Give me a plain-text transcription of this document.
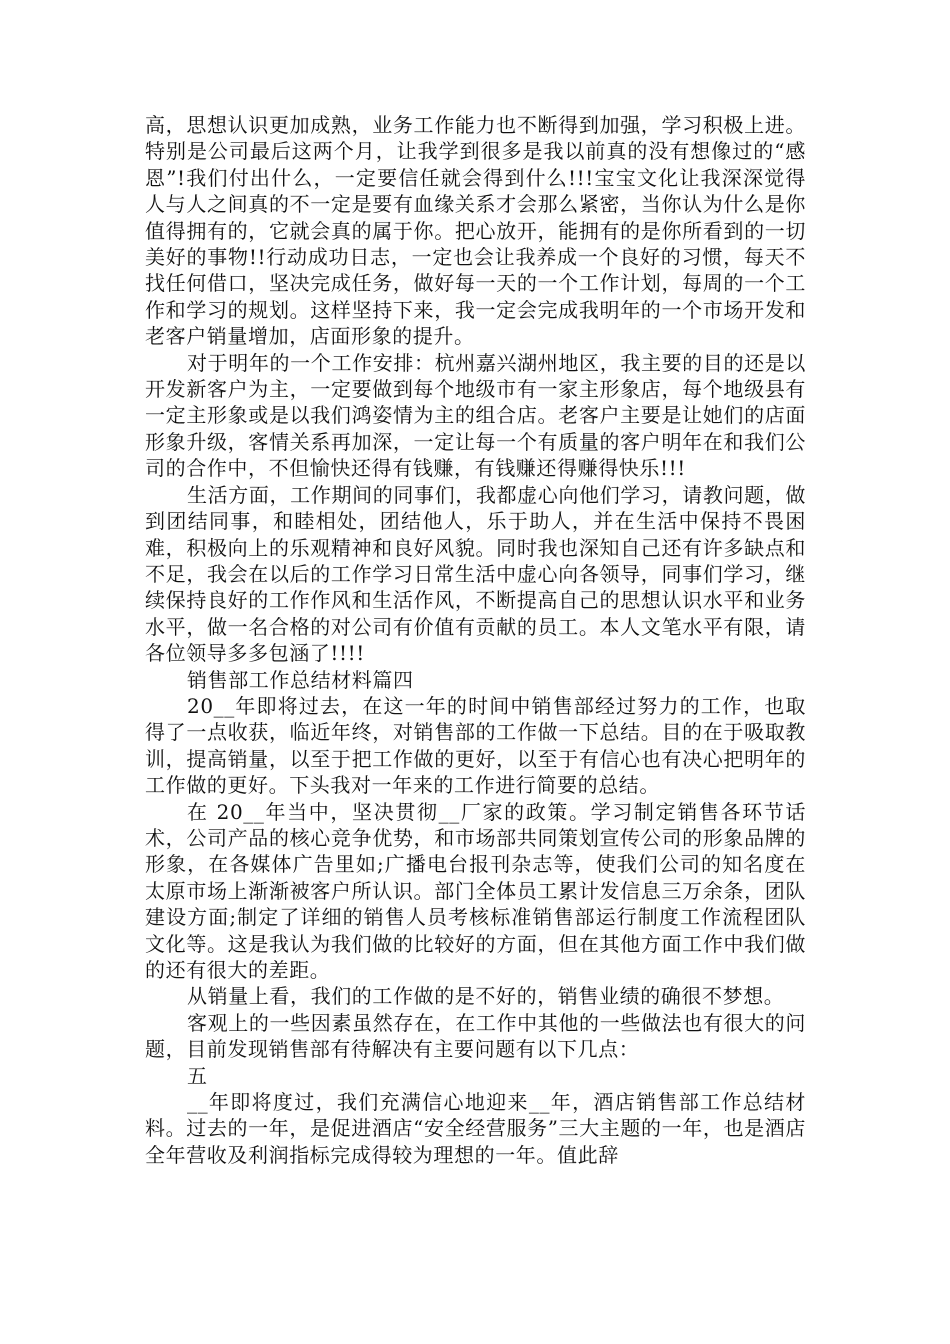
高，思想认识更加成熟，业务工作能力也不断得到加强，学习积极上进。特别是公司最后这两个月，让我学到很多是我以前真的没有想像过的“感恩”!我们付出什么，一定要信任就会得到什么!!!宝宝文化让我深深觉得人与人之间真的不一定是要有血缘关系才会那么紧密，当你认为什么是你值得拥有的，它就会真的属于你。把心放开，能拥有的是你所看到的一切美好的事物!!行动成功日志，一定也会让我养成一个良好的习惯，每天不找任何借口，坚决完成任务，做好每一天的一个工作计划，每周的一个工作和学习的规划。这样坚持下来，我一定会完成我明年的一个市场开发和老客户销量增加，店面形象的提升。

对于明年的一个工作安排：杭州嘉兴湖州地区，我主要的目的还是以开发新客户为主，一定要做到每个地级市有一家主形象店，每个地级县有一定主形象或是以我们鸿姿情为主的组合店。老客户主要是让她们的店面形象升级，客情关系再加深，一定让每一个有质量的客户明年在和我们公司的合作中，不但愉快还得有钱赚，有钱赚还得赚得快乐!!!

生活方面，工作期间的同事们，我都虚心向他们学习，请教问题，做到团结同事，和睦相处，团结他人，乐于助人，并在生活中保持不畏困难，积极向上的乐观精神和良好风貌。同时我也深知自己还有许多缺点和不足，我会在以后的工作学习日常生活中虚心向各领导，同事们学习，继续保持良好的工作作风和生活作风，不断提高自己的思想认识水平和业务水平，做一名合格的对公司有价值有贡献的员工。本人文笔水平有限，请各位领导多多包涵了!!!!

销售部工作总结材料篇四

20__年即将过去，在这一年的时间中销售部经过努力的工作，也取得了一点收获，临近年终，对销售部的工作做一下总结。目的在于吸取教训，提高销量，以至于把工作做的更好，以至于有信心也有决心把明年的工作做的更好。下头我对一年来的工作进行简要的总结。

在 20__年当中，坚决贯彻__厂家的政策。学习制定销售各环节话术，公司产品的核心竞争优势，和市场部共同策划宣传公司的形象品牌的形象，在各媒体广告里如;广播电台报刊杂志等，使我们公司的知名度在太原市场上渐渐被客户所认识。部门全体员工累计发信息三万余条，团队建设方面;制定了详细的销售人员考核标准销售部运行制度工作流程团队文化等。这是我认为我们做的比较好的方面，但在其他方面工作中我们做的还有很大的差距。

从销量上看，我们的工作做的是不好的，销售业绩的确很不梦想。

客观上的一些因素虽然存在，在工作中其他的一些做法也有很大的问题，目前发现销售部有待解决有主要问题有以下几点：

五

__年即将度过，我们充满信心地迎来__年，酒店销售部工作总结材料。过去的一年，是促进酒店“安全经营服务”三大主题的一年，也是酒店全年营收及利润指标完成得较为理想的一年。值此辞
